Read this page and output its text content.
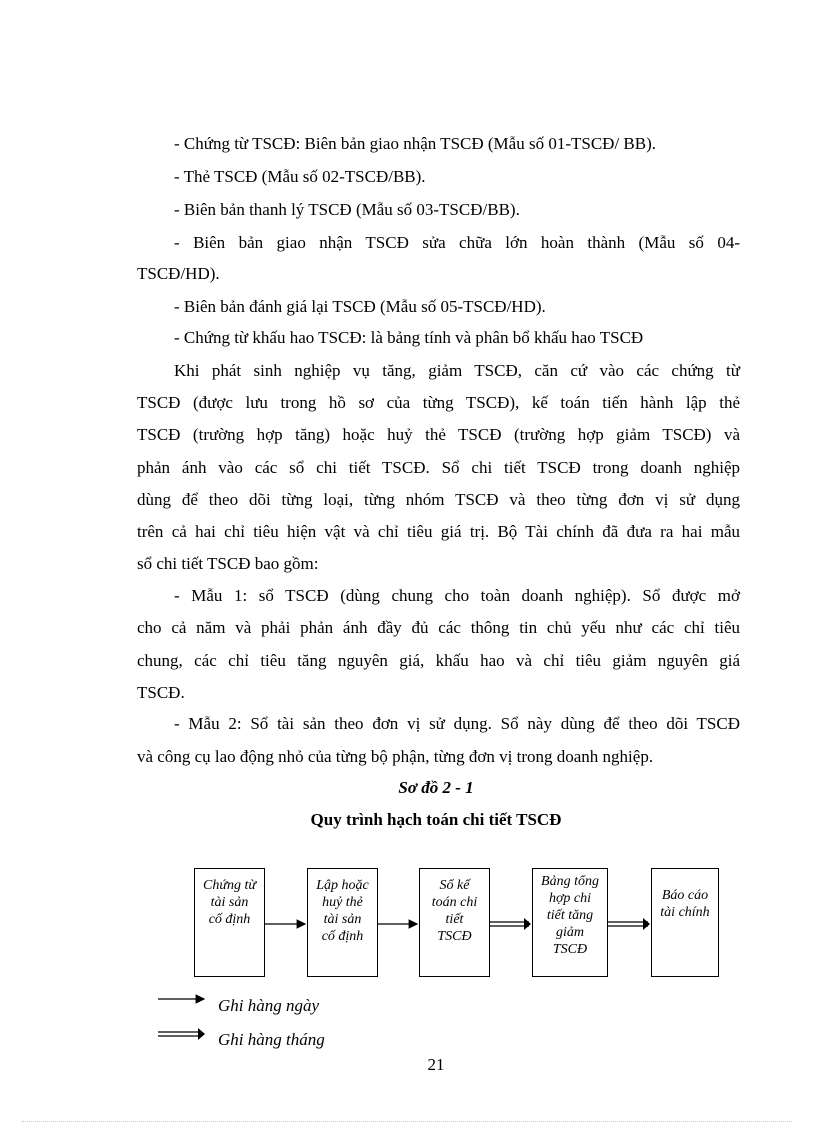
- Chứng từ TSCĐ: Biên bản giao nhận TSCĐ (Mẫu số 01-TSCĐ/ BB).
- Thẻ TSCĐ (Mẫu số 02-TSCĐ/BB).
- Biên bản thanh lý TSCĐ (Mẫu số 03-TSCĐ/BB).
- Biên bản giao nhận TSCĐ sửa chữa lớn hoàn thành (Mẫu số 04-
TSCĐ/HD).
- Biên bản đánh giá lại TSCĐ (Mẫu số 05-TSCĐ/HD).
- Chứng từ khấu hao TSCĐ: là bảng tính và phân bổ khấu hao TSCĐ
Khi phát sinh nghiệp vụ tăng, giảm TSCĐ, căn cứ vào các chứng từ
TSCĐ (được lưu trong hồ sơ của từng TSCĐ), kế toán tiến hành lập thẻ
TSCĐ (trường hợp tăng) hoặc huỷ thẻ TSCĐ (trường hợp giảm TSCĐ) và
phản ánh vào các sổ chi tiết TSCĐ. Sổ chi tiết TSCĐ trong doanh nghiệp
dùng để theo dõi từng loại, từng nhóm TSCĐ và theo từng đơn vị sử dụng
trên cả hai chỉ tiêu hiện vật và chỉ tiêu giá trị. Bộ Tài chính đã đưa ra hai mẫu
sổ chi tiết TSCĐ bao gồm:
- Mẫu 1: sổ TSCĐ (dùng chung cho toàn doanh nghiệp). Sổ được mở
cho cả năm và phải phản ánh đầy đủ các thông tin chủ yếu như các chỉ tiêu
chung, các chỉ tiêu tăng nguyên giá, khấu hao và chỉ tiêu giảm nguyên giá
TSCĐ.
- Mẫu 2: Sổ tài sản theo đơn vị sử dụng. Sổ này dùng để theo dõi TSCĐ
và công cụ lao động nhỏ của từng bộ phận, từng đơn vị trong doanh nghiệp.
Sơ đồ 2 - 1
Quy trình hạch toán chi tiết TSCĐ
Chứng từ
tài sản
cố định
Lập hoặc
huỷ thẻ
tài sản
cố định
Sổ kế
toán chi
tiết
TSCĐ
Bảng tổng
hợp chi
tiết tăng
giảm
TSCĐ
Báo cáo
tài chính
Ghi hàng ngày
Ghi hàng tháng
21
